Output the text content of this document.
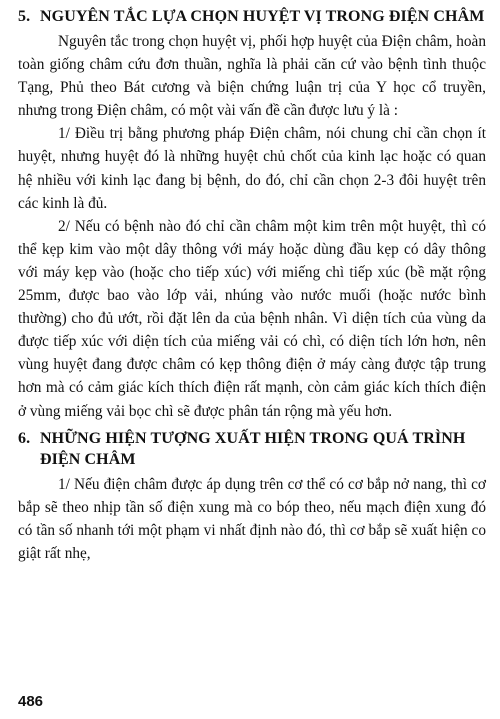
5. NGUYÊN TẮC LỰA CHỌN HUYỆT VỊ TRONG ĐIỆN CHÂM

Nguyên tắc trong chọn huyệt vị, phối hợp huyệt của Điện châm, hoàn toàn giống châm cứu đơn thuần, nghĩa là phải căn cứ vào bệnh tình thuộc Tạng, Phủ theo Bát cương và biện chứng luận trị của Y học cổ truyền, nhưng trong Điện châm, có một vài vấn đề cần được lưu ý là :

1/ Điều trị bằng phương pháp Điện châm, nói chung chỉ cần chọn ít huyệt, nhưng huyệt đó là những huyệt chủ chốt của kinh lạc hoặc có quan hệ nhiều với kinh lạc đang bị bệnh, do đó, chỉ cần chọn 2-3 đôi huyệt trên các kinh là đủ.

2/ Nếu có bệnh nào đó chỉ cần châm một kim trên một huyệt, thì có thể kẹp kim vào một dây thông với máy hoặc dùng đầu kẹp có dây thông với máy kẹp vào (hoặc cho tiếp xúc) với miếng chì tiếp xúc (bề mặt rộng 25mm, được bao vào lớp vải, nhúng vào nước muối (hoặc nước bình thường) cho đủ ướt, rồi đặt lên da của bệnh nhân. Vì diện tích của vùng da được tiếp xúc với diện tích của miếng vải có chì, có diện tích lớn hơn, nên vùng huyệt đang được châm có kẹp thông điện ở máy càng được tập trung hơn mà có cảm giác kích thích điện rất mạnh, còn cảm giác kích thích điện ở vùng miếng vải bọc chì sẽ được phân tán rộng mà yếu hơn.

6. NHỮNG HIỆN TƯỢNG XUẤT HIỆN TRONG QUÁ TRÌNH ĐIỆN CHÂM

1/ Nếu điện châm được áp dụng trên cơ thể có cơ bắp nở nang, thì cơ bắp sẽ theo nhịp tần số điện xung mà co bóp theo, nếu mạch điện xung đó có tần số nhanh tới một phạm vi nhất định nào đó, thì cơ bắp sẽ xuất hiện co giật rất nhẹ,

486
